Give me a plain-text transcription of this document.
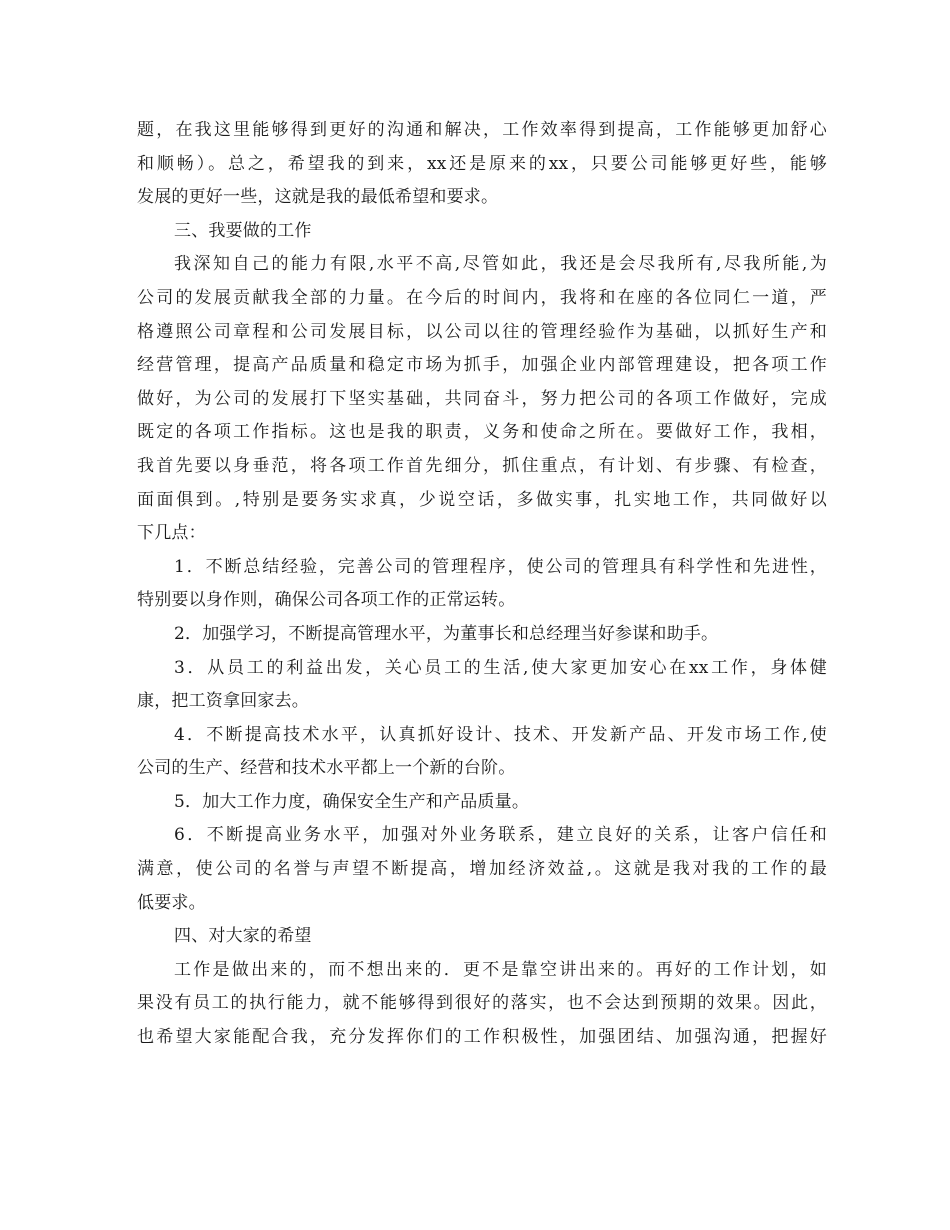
题，在我这里能够得到更好的沟通和解决，工作效率得到提高，工作能够更加舒心
和顺畅）。总之，希望我的到来，xx还是原来的xx，只要公司能够更好些，能够
发展的更好一些，这就是我的最低希望和要求。
三、我要做的工作
我深知自己的能力有限,水平不高,尽管如此，我还是会尽我所有,尽我所能,为
公司的发展贡献我全部的力量。在今后的时间内，我将和在座的各位同仁一道，严
格遵照公司章程和公司发展目标，以公司以往的管理经验作为基础，以抓好生产和
经营管理，提高产品质量和稳定市场为抓手，加强企业内部管理建设，把各项工作
做好，为公司的发展打下坚实基础，共同奋斗，努力把公司的各项工作做好，完成
既定的各项工作指标。这也是我的职责，义务和使命之所在。要做好工作，我相，
我首先要以身垂范，将各项工作首先细分，抓住重点，有计划、有步骤、有检查，
面面俱到。,特别是要务实求真，少说空话，多做实事，扎实地工作，共同做好以
下几点：
1．不断总结经验，完善公司的管理程序，使公司的管理具有科学性和先进性，
特别要以身作则，确保公司各项工作的正常运转。
2．加强学习，不断提高管理水平，为董事长和总经理当好参谋和助手。
3．从员工的利益出发，关心员工的生活,使大家更加安心在xx工作，身体健
康，把工资拿回家去。
4．不断提高技术水平，认真抓好设计、技术、开发新产品、开发市场工作,使
公司的生产、经营和技术水平都上一个新的台阶。
5．加大工作力度，确保安全生产和产品质量。
6．不断提高业务水平，加强对外业务联系，建立良好的关系，让客户信任和
满意，使公司的名誉与声望不断提高，增加经济效益,。这就是我对我的工作的最
低要求。
四、对大家的希望
工作是做出来的，而不想出来的．更不是靠空讲出来的。再好的工作计划，如
果没有员工的执行能力，就不能够得到很好的落实，也不会达到预期的效果。因此，
也希望大家能配合我，充分发挥你们的工作积极性，加强团结、加强沟通，把握好
